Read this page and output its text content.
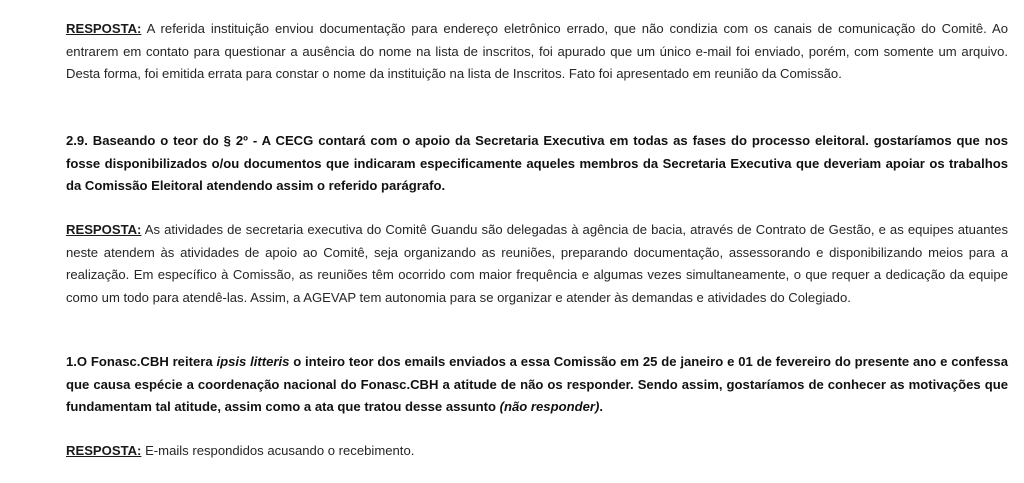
RESPOSTA: A referida instituição enviou documentação para endereço eletrônico errado, que não condizia com os canais de comunicação do Comitê. Ao entrarem em contato para questionar a ausência do nome na lista de inscritos, foi apurado que um único e-mail foi enviado, porém, com somente um arquivo. Desta forma, foi emitida errata para constar o nome da instituição na lista de Inscritos. Fato foi apresentado em reunião da Comissão.

2.9. Baseando o teor do § 2º - A CECG contará com o apoio da Secretaria Executiva em todas as fases do processo eleitoral. gostaríamos que nos fosse disponibilizados o/ou documentos que indicaram especificamente aqueles membros da Secretaria Executiva que deveriam apoiar os trabalhos da Comissão Eleitoral atendendo assim o referido parágrafo.

RESPOSTA: As atividades de secretaria executiva do Comitê Guandu são delegadas à agência de bacia, através de Contrato de Gestão, e as equipes atuantes neste atendem às atividades de apoio ao Comitê, seja organizando as reuniões, preparando documentação, assessorando e disponibilizando meios para a realização. Em específico à Comissão, as reuniões têm ocorrido com maior frequência e algumas vezes simultaneamente, o que requer a dedicação da equipe como um todo para atendê-las. Assim, a AGEVAP tem autonomia para se organizar e atender às demandas e atividades do Colegiado.

1.O Fonasc.CBH reitera ipsis litteris o inteiro teor dos emails enviados a essa Comissão em 25 de janeiro e 01 de fevereiro do presente ano e confessa que causa espécie a coordenação nacional do Fonasc.CBH a atitude de não os responder. Sendo assim, gostaríamos de conhecer as motivações que fundamentam tal atitude, assim como a ata que tratou desse assunto (não responder).

RESPOSTA: E-mails respondidos acusando o recebimento.
